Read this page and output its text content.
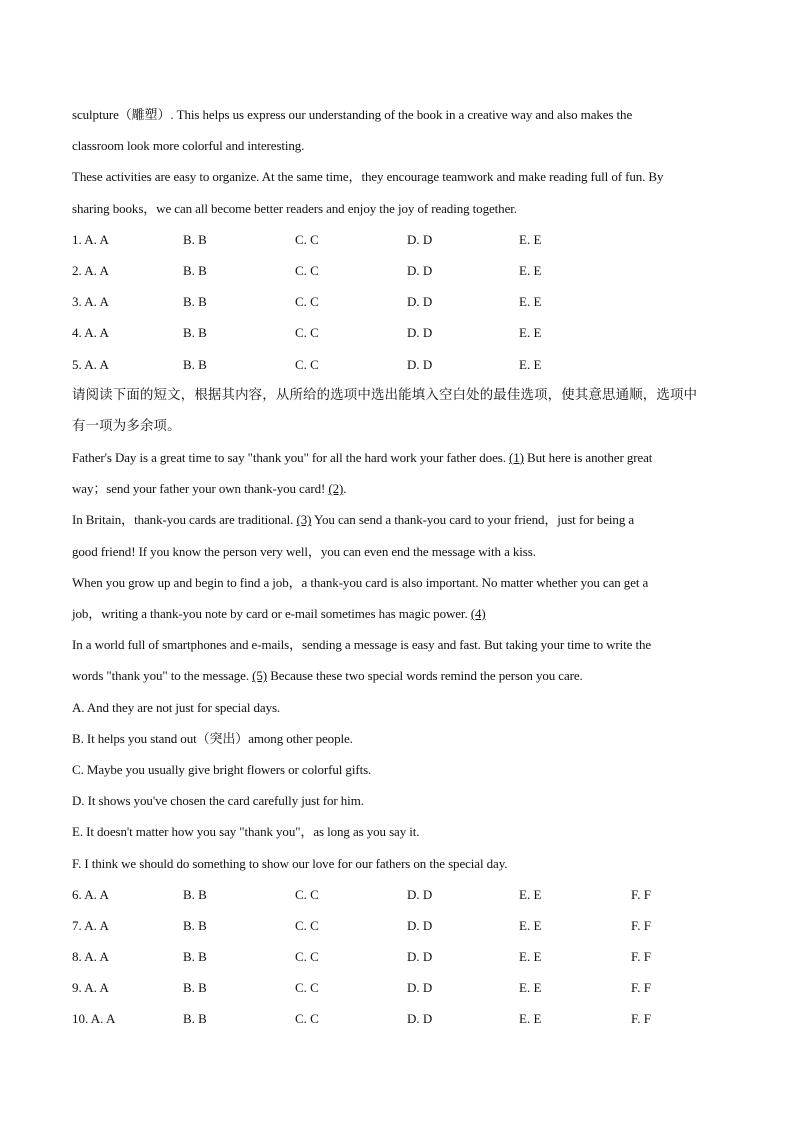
sculpture（雕塑）. This helps us express our understanding of the book in a creative way and also makes the
classroom look more colorful and interesting.
These activities are easy to organize. At the same time，they encourage teamwork and make reading full of fun. By
sharing books，we can all become better readers and enjoy the joy of reading together.
1. A. A	B. B	C. C	D. D	E. E
2. A. A	B. B	C. C	D. D	E. E
3. A. A	B. B	C. C	D. D	E. E
4. A. A	B. B	C. C	D. D	E. E
5. A. A	B. B	C. C	D. D	E. E
请阅读下面的短文，根据其内容，从所给的选项中选出能填入空白处的最佳选项，使其意思通顺，选项中
有一项为多余项。
Father's Day is a great time to say "thank you" for all the hard work your father does. (1) But here is another great
way；send your father your own thank-you card! (2).
In Britain，thank-you cards are traditional. (3) You can send a thank-you card to your friend，just for being a
good friend! If you know the person very well，you can even end the message with a kiss.
When you grow up and begin to find a job，a thank-you card is also important. No matter whether you can get a
job，writing a thank-you note by card or e-mail sometimes has magic power. (4)
In a world full of smartphones and e-mails，sending a message is easy and fast. But taking your time to write the
words "thank you" to the message. (5) Because these two special words remind the person you care.
A. And they are not just for special days.
B. It helps you stand out（突出）among other people.
C. Maybe you usually give bright flowers or colorful gifts.
D. It shows you've chosen the card carefully just for him.
E. It doesn't matter how you say "thank you"，as long as you say it.
F. I think we should do something to show our love for our fathers on the special day.
6. A. A	B. B	C. C	D. D	E. E	F. F
7. A. A	B. B	C. C	D. D	E. E	F. F
8. A. A	B. B	C. C	D. D	E. E	F. F
9. A. A	B. B	C. C	D. D	E. E	F. F
10. A. A	B. B	C. C	D. D	E. E	F. F
